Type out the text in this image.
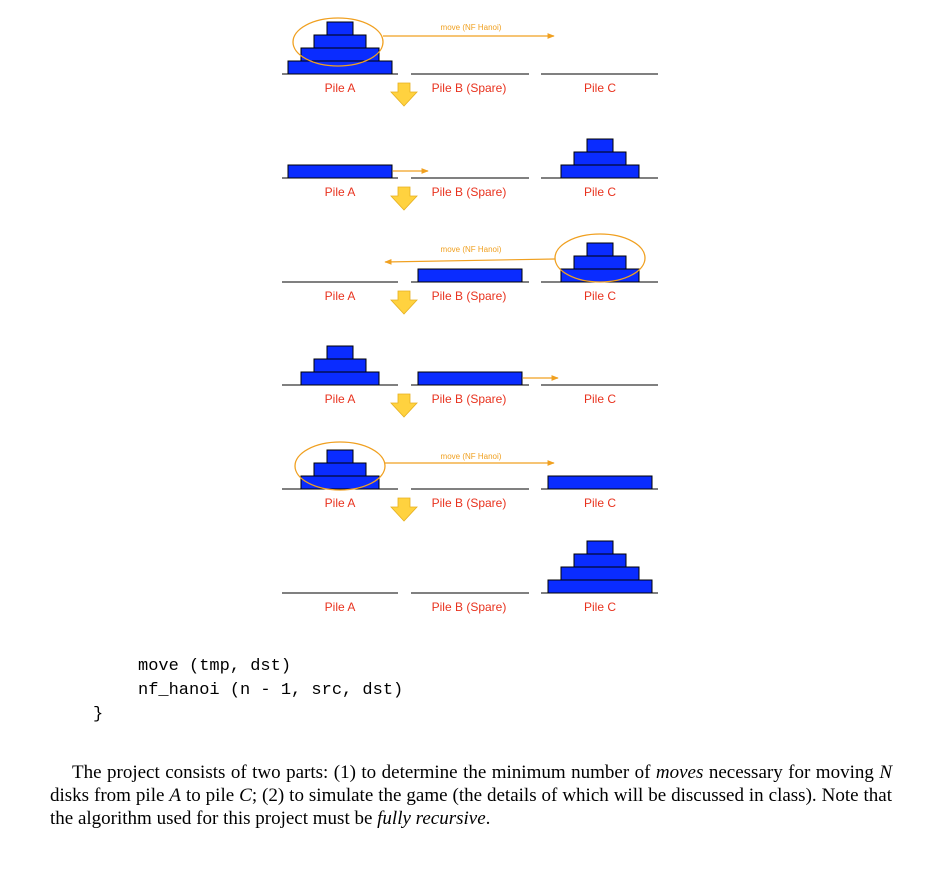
Pile A	Pile B (Spare)	Pile C
Pile A	Pile B (Spare)	Pile C
Pile A	Pile B (Spare)	Pile C
Pile A	Pile B (Spare)	Pile C
Pile A	Pile B (Spare)	Pile C
Pile A	Pile B (Spare)	Pile C
move (NF Hanoi)
move (NF Hanoi)
move (NF Hanoi)
move (tmp, dst)
nf_hanoi (n - 1, src, dst)
}

The project consists of two parts: (1) to determine the minimum number of moves necessary for moving N disks from pile A to pile C; (2) to simulate the game (the details of which will be discussed in class). Note that the algorithm used for this project must be fully recursive.
